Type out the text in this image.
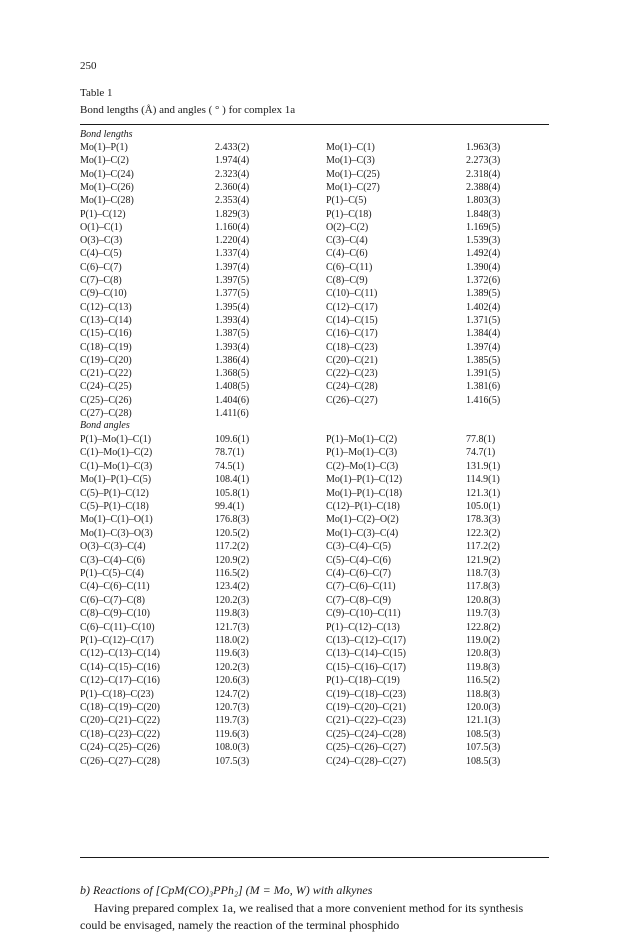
250
Table 1
Bond lengths (Å) and angles ( ° ) for complex 1a
Bond lengths
Bond angles
Mo(1)–P(1)	2.433(2)	Mo(1)–C(1)	1.963(3)
Mo(1)–C(2)	1.974(4)	Mo(1)–C(3)	2.273(3)
Mo(1)–C(24)	2.323(4)	Mo(1)–C(25)	2.318(4)
Mo(1)–C(26)	2.360(4)	Mo(1)–C(27)	2.388(4)
Mo(1)–C(28)	2.353(4)	P(1)–C(5)	1.803(3)
P(1)–C(12)	1.829(3)	P(1)–C(18)	1.848(3)
O(1)–C(1)	1.160(4)	O(2)–C(2)	1.169(5)
O(3)–C(3)	1.220(4)	C(3)–C(4)	1.539(3)
C(4)–C(5)	1.337(4)	C(4)–C(6)	1.492(4)
C(6)–C(7)	1.397(4)	C(6)–C(11)	1.390(4)
C(7)–C(8)	1.397(5)	C(8)–C(9)	1.372(6)
C(9)–C(10)	1.377(5)	C(10)–C(11)	1.389(5)
C(12)–C(13)	1.395(4)	C(12)–C(17)	1.402(4)
C(13)–C(14)	1.393(4)	C(14)–C(15)	1.371(5)
C(15)–C(16)	1.387(5)	C(16)–C(17)	1.384(4)
C(18)–C(19)	1.393(4)	C(18)–C(23)	1.397(4)
C(19)–C(20)	1.386(4)	C(20)–C(21)	1.385(5)
C(21)–C(22)	1.368(5)	C(22)–C(23)	1.391(5)
C(24)–C(25)	1.408(5)	C(24)–C(28)	1.381(6)
C(25)–C(26)	1.404(6)	C(26)–C(27)	1.416(5)
C(27)–C(28)	1.411(6)
P(1)–Mo(1)–C(1)	109.6(1)	P(1)–Mo(1)–C(2)	77.8(1)
C(1)–Mo(1)–C(2)	78.7(1)	P(1)–Mo(1)–C(3)	74.7(1)
C(1)–Mo(1)–C(3)	74.5(1)	C(2)–Mo(1)–C(3)	131.9(1)
Mo(1)–P(1)–C(5)	108.4(1)	Mo(1)–P(1)–C(12)	114.9(1)
C(5)–P(1)–C(12)	105.8(1)	Mo(1)–P(1)–C(18)	121.3(1)
C(5)–P(1)–C(18)	99.4(1)	C(12)–P(1)–C(18)	105.0(1)
Mo(1)–C(1)–O(1)	176.8(3)	Mo(1)–C(2)–O(2)	178.3(3)
Mo(1)–C(3)–O(3)	120.5(2)	Mo(1)–C(3)–C(4)	122.3(2)
O(3)–C(3)–C(4)	117.2(2)	C(3)–C(4)–C(5)	117.2(2)
C(3)–C(4)–C(6)	120.9(2)	C(5)–C(4)–C(6)	121.9(2)
P(1)–C(5)–C(4)	116.5(2)	C(4)–C(6)–C(7)	118.7(3)
C(4)–C(6)–C(11)	123.4(2)	C(7)–C(6)–C(11)	117.8(3)
C(6)–C(7)–C(8)	120.2(3)	C(7)–C(8)–C(9)	120.8(3)
C(8)–C(9)–C(10)	119.8(3)	C(9)–C(10)–C(11)	119.7(3)
C(6)–C(11)–C(10)	121.7(3)	P(1)–C(12)–C(13)	122.8(2)
P(1)–C(12)–C(17)	118.0(2)	C(13)–C(12)–C(17)	119.0(2)
C(12)–C(13)–C(14)	119.6(3)	C(13)–C(14)–C(15)	120.8(3)
C(14)–C(15)–C(16)	120.2(3)	C(15)–C(16)–C(17)	119.8(3)
C(12)–C(17)–C(16)	120.6(3)	P(1)–C(18)–C(19)	116.5(2)
P(1)–C(18)–C(23)	124.7(2)	C(19)–C(18)–C(23)	118.8(3)
C(18)–C(19)–C(20)	120.7(3)	C(19)–C(20)–C(21)	120.0(3)
C(20)–C(21)–C(22)	119.7(3)	C(21)–C(22)–C(23)	121.1(3)
C(18)–C(23)–C(22)	119.6(3)	C(25)–C(24)–C(28)	108.5(3)
C(24)–C(25)–C(26)	108.0(3)	C(25)–C(26)–C(27)	107.5(3)
C(26)–C(27)–C(28)	107.5(3)	C(24)–C(28)–C(27)	108.5(3)
b) Reactions of [CpM(CO)₃PPh₂] (M = Mo, W) with alkynes
Having prepared complex 1a, we realised that a more convenient method for its synthesis could be envisaged, namely the reaction of the terminal phosphido
